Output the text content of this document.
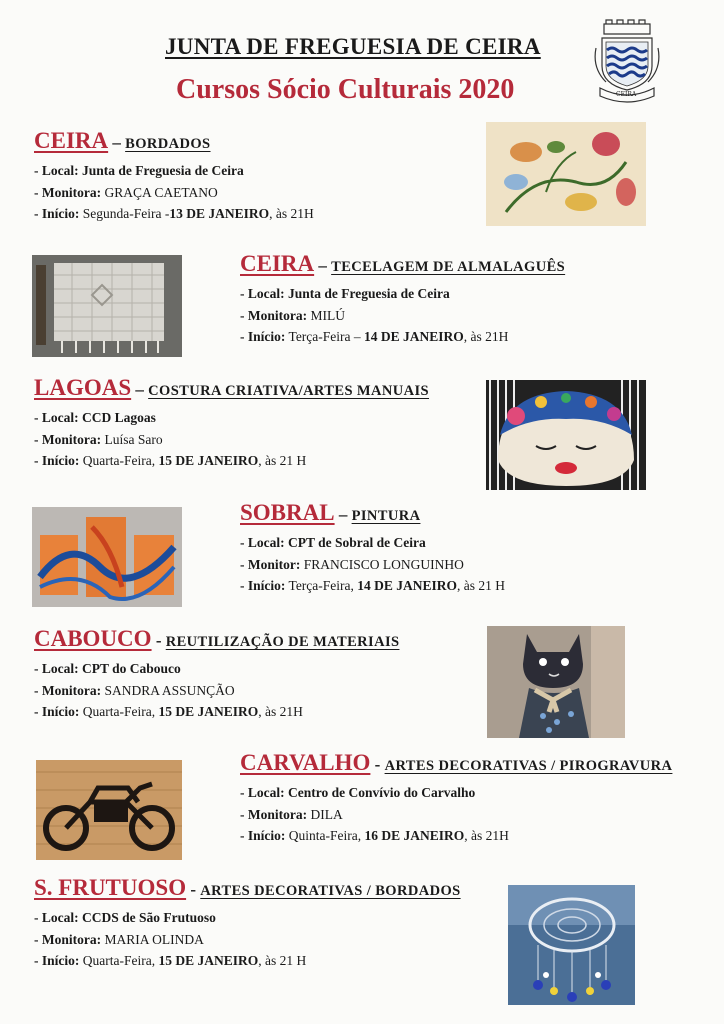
JUNTA DE FREGUESIA DE CEIRA
Cursos Sócio Culturais 2020	CEIRA
CEIRA – BORDADOS
- Local: Junta de Freguesia de Ceira
- Monitora: GRAÇA CAETANO
- Início: Segunda-Feira -13 DE JANEIRO, às 21H
CEIRA – TECELAGEM DE ALMALAGUÊS
- Local: Junta de Freguesia de Ceira
- Monitora: MILÚ
- Início: Terça-Feira – 14 DE JANEIRO, às 21H
LAGOAS – COSTURA CRIATIVA/ARTES MANUAIS
- Local: CCD Lagoas
- Monitora: Luísa Saro
- Início: Quarta-Feira, 15 DE JANEIRO, às 21 H
SOBRAL – PINTURA
- Local: CPT de Sobral de Ceira
- Monitor: FRANCISCO LONGUINHO
- Início: Terça-Feira, 14 DE JANEIRO, às 21 H
CABOUCO - REUTILIZAÇÃO DE MATERIAIS
- Local: CPT do Cabouco
- Monitora: SANDRA ASSUNÇÃO
- Início: Quarta-Feira, 15 DE JANEIRO, às 21H
CARVALHO - ARTES DECORATIVAS / PIROGRAVURA
- Local: Centro de Convívio do Carvalho
- Monitora: DILA
- Início: Quinta-Feira, 16 DE JANEIRO, às 21H
S. FRUTUOSO - ARTES DECORATIVAS / BORDADOS
- Local: CCDS de São Frutuoso
- Monitora: MARIA OLINDA
- Início: Quarta-Feira, 15 DE JANEIRO, às 21 H
